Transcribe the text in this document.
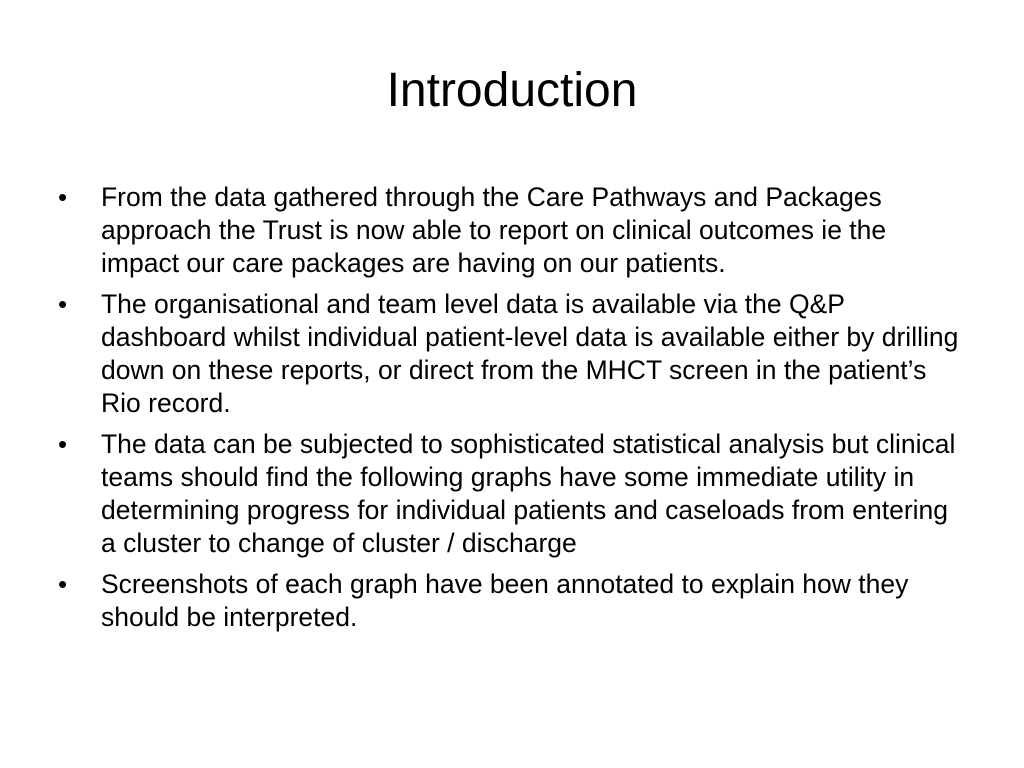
Introduction
•	From the data gathered through the Care Pathways and Packages approach the Trust is now able to report on clinical outcomes ie the impact our care packages are having on our patients.
•	The organisational and team level data is available via the Q&P dashboard whilst individual patient-level data is available either by drilling down on these reports, or direct from the MHCT screen in the patient’s Rio record.
•	The data can be subjected to sophisticated statistical analysis but clinical teams should find the following graphs have some immediate utility in determining progress for individual patients and caseloads from entering a cluster to change of cluster / discharge
•	Screenshots of each graph have been annotated to explain how they should be interpreted.
